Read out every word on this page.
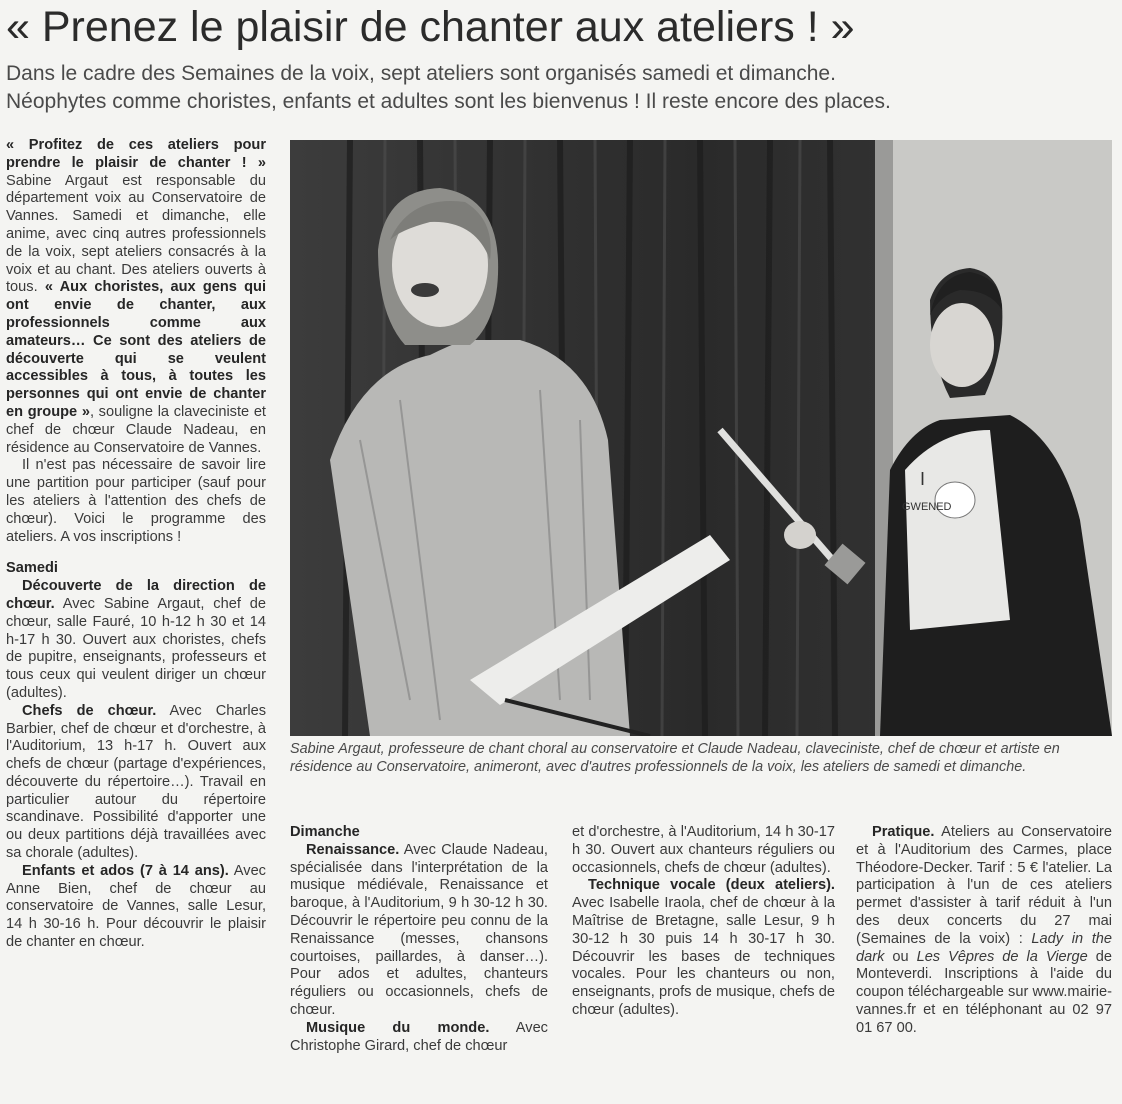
« Prenez le plaisir de chanter aux ateliers ! »
Dans le cadre des Semaines de la voix, sept ateliers sont organisés samedi et dimanche.
Néophytes comme choristes, enfants et adultes sont les bienvenus ! Il reste encore des places.

« Profitez de ces ateliers pour prendre le plaisir de chanter ! » Sabine Argaut est responsable du département voix au Conservatoire de Vannes. Samedi et dimanche, elle anime, avec cinq autres professionnels de la voix, sept ateliers consacrés à la voix et au chant. Des ateliers ouverts à tous. « Aux choristes, aux gens qui ont envie de chanter, aux professionnels comme aux amateurs… Ce sont des ateliers de découverte qui se veulent accessibles à tous, à toutes les personnes qui ont envie de chanter en groupe », souligne la claveciniste et chef de chœur Claude Nadeau, en résidence au Conservatoire de Vannes.

Il n'est pas nécessaire de savoir lire une partition pour participer (sauf pour les ateliers à l'attention des chefs de chœur). Voici le programme des ateliers. A vos inscriptions !

Samedi

Découverte de la direction de chœur. Avec Sabine Argaut, chef de chœur, salle Fauré, 10 h-12 h 30 et 14 h-17 h 30. Ouvert aux choristes, chefs de pupitre, enseignants, professeurs et tous ceux qui veulent diriger un chœur (adultes).

Chefs de chœur. Avec Charles Barbier, chef de chœur et d'orchestre, à l'Auditorium, 13 h-17 h. Ouvert aux chefs de chœur (partage d'expériences, découverte du répertoire…). Travail en particulier autour du répertoire scandinave. Possibilité d'apporter une ou deux partitions déjà travaillées avec sa chorale (adultes).

Enfants et ados (7 à 14 ans). Avec Anne Bien, chef de chœur au conservatoire de Vannes, salle Lesur, 14 h 30-16 h. Pour découvrir le plaisir de chanter en chœur.

I
GWENED
Sabine Argaut, professeure de chant choral au conservatoire et Claude Nadeau, claveciniste, chef de chœur et artiste en résidence au Conservatoire, animeront, avec d'autres professionnels de la voix, les ateliers de samedi et dimanche.

Dimanche

Renaissance. Avec Claude Nadeau, spécialisée dans l'interprétation de la musique médiévale, Renaissance et baroque, à l'Auditorium, 9 h 30-12 h 30. Découvrir le répertoire peu connu de la Renaissance (messes, chansons courtoises, paillardes, à danser…). Pour ados et adultes, chanteurs réguliers ou occasionnels, chefs de chœur.

Musique du monde. Avec Christophe Girard, chef de chœur

et d'orchestre, à l'Auditorium, 14 h 30-17 h 30. Ouvert aux chanteurs réguliers ou occasionnels, chefs de chœur (adultes).

Technique vocale (deux ateliers). Avec Isabelle Iraola, chef de chœur à la Maîtrise de Bretagne, salle Lesur, 9 h 30-12 h 30 puis 14 h 30-17 h 30. Découvrir les bases de techniques vocales. Pour les chanteurs ou non, enseignants, profs de musique, chefs de chœur (adultes).

Pratique. Ateliers au Conservatoire et à l'Auditorium des Carmes, place Théodore-Decker. Tarif : 5 € l'atelier. La participation à l'un de ces ateliers permet d'assister à tarif réduit à l'un des deux concerts du 27 mai (Semaines de la voix) : Lady in the dark ou Les Vêpres de la Vierge de Monteverdi. Inscriptions à l'aide du coupon téléchargeable sur www.mairie-vannes.fr et en téléphonant au 02 97 01 67 00.
